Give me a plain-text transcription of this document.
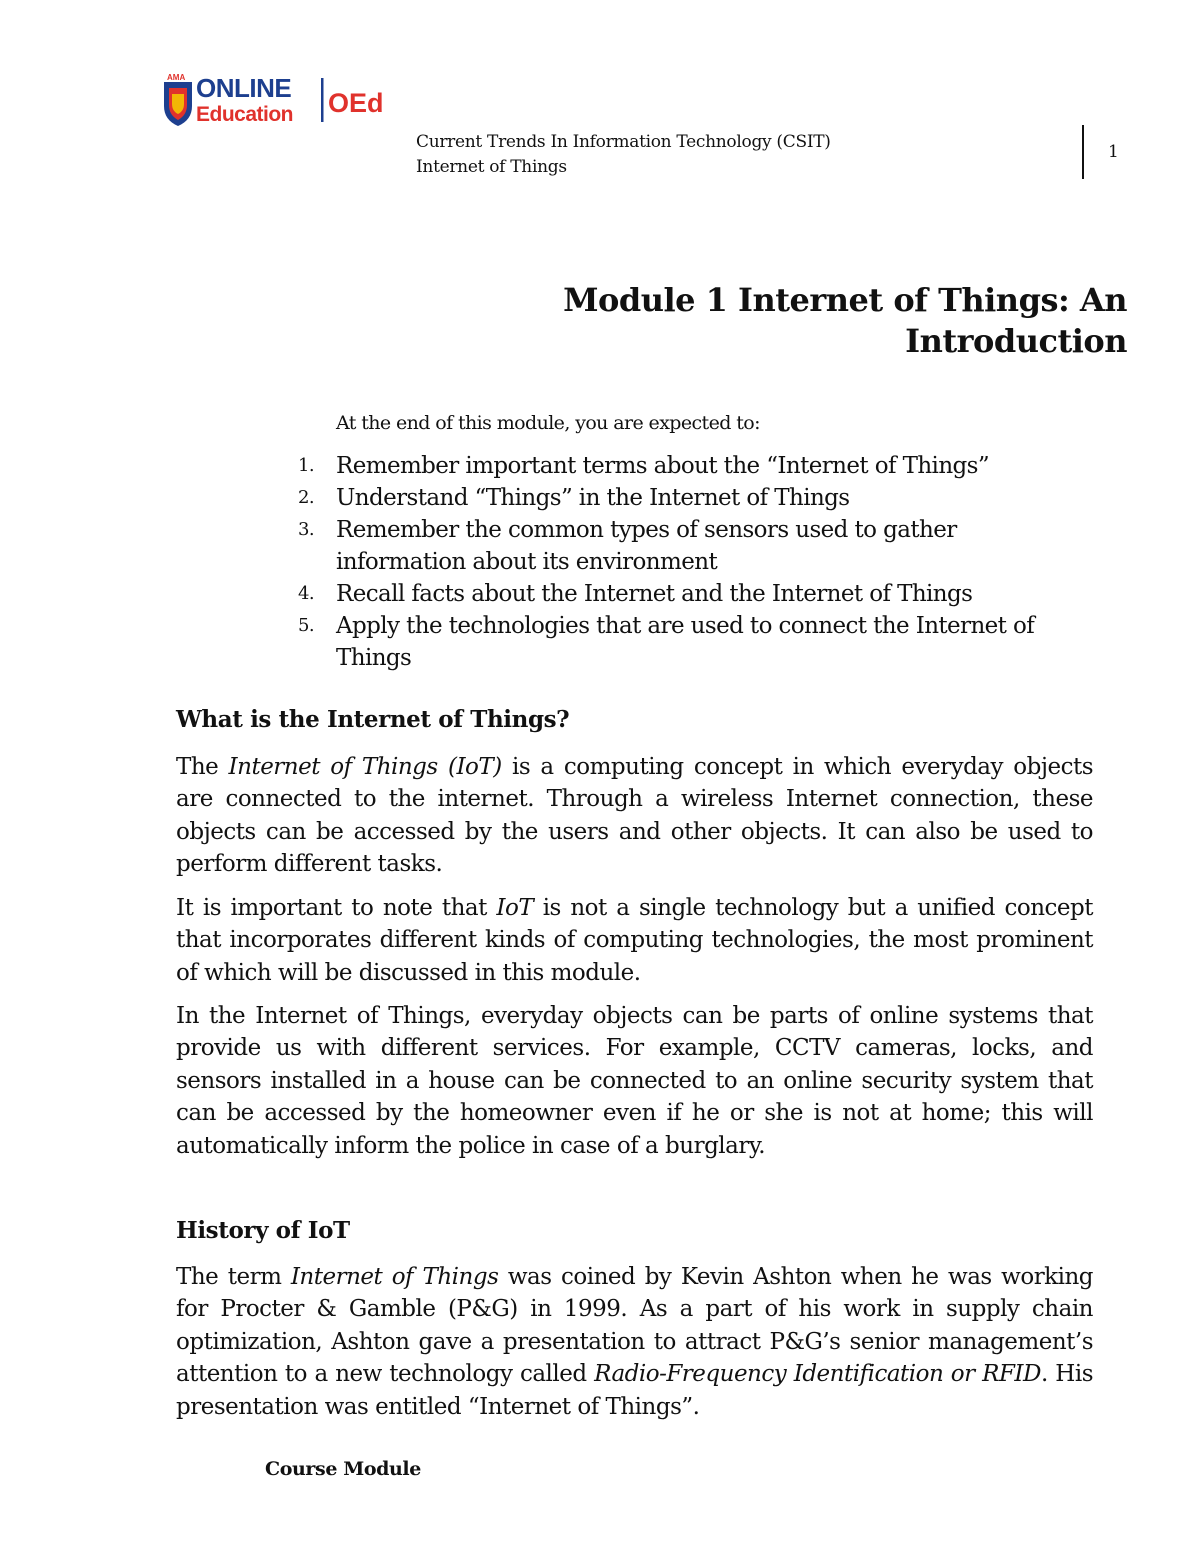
AMA ONLINE
Education OEd
Current Trends In Information Technology (CSIT)
Internet of Things
1
Module 1 Internet of Things: An
Introduction
At the end of this module, you are expected to:
1. Remember important terms about the “Internet of Things”
2. Understand “Things” in the Internet of Things
3. Remember the common types of sensors used to gather information about its environment
4. Recall facts about the Internet and the Internet of Things
5. Apply the technologies that are used to connect the Internet of Things
What is the Internet of Things?

The Internet of Things (IoT) is a computing concept in which everyday objects are connected to the internet. Through a wireless Internet connection, these objects can be accessed by the users and other objects. It can also be used to perform different tasks.

It is important to note that IoT is not a single technology but a unified concept that incorporates different kinds of computing technologies, the most prominent of which will be discussed in this module.

In the Internet of Things, everyday objects can be parts of online systems that provide us with different services. For example, CCTV cameras, locks, and sensors installed in a house can be connected to an online security system that can be accessed by the homeowner even if he or she is not at home; this will automatically inform the police in case of a burglary.

History of IoT

The term Internet of Things was coined by Kevin Ashton when he was working for Procter & Gamble (P&G) in 1999. As a part of his work in supply chain optimization, Ashton gave a presentation to attract P&G’s senior management’s attention to a new technology called Radio-Frequency Identification or RFID. His presentation was entitled “Internet of Things”.

Course Module
